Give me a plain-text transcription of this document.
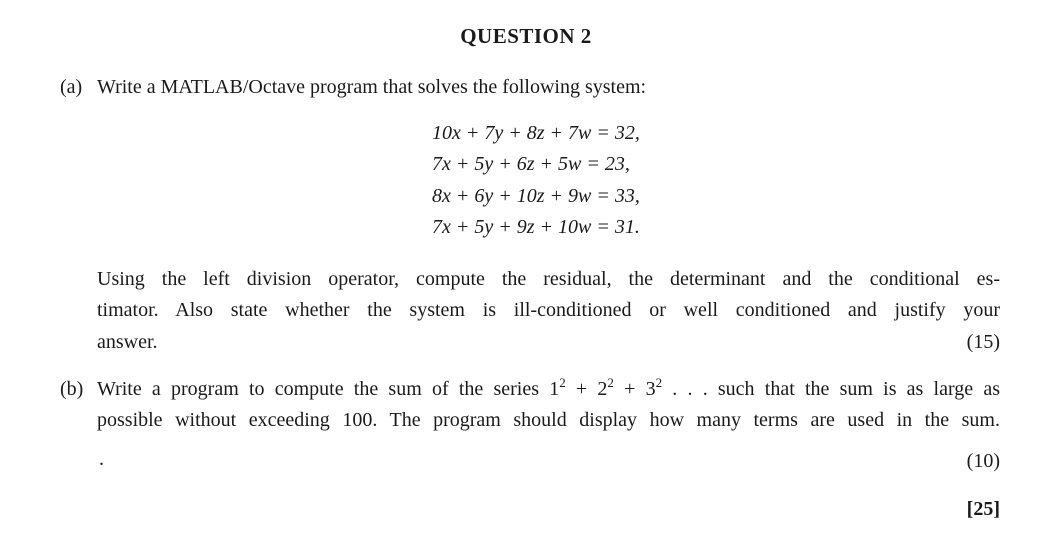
QUESTION 2
(a) Write a MATLAB/Octave program that solves the following system:
10x + 7y + 8z + 7w = 32,
7x + 5y + 6z + 5w = 23,
8x + 6y + 10z + 9w = 33,
7x + 5y + 9z + 10w = 31.
Using the left division operator, compute the residual, the determinant and the conditional es-
timator. Also state whether the system is ill-conditioned or well conditioned and justify your
answer.	(15)
(b) Write a program to compute the sum of the series $1^2 + 2^2 + 3^2$ . . . such that the sum is as large as
possible without exceeding 100. The program should display how many terms are used in the sum.
.	(10)
[25]
